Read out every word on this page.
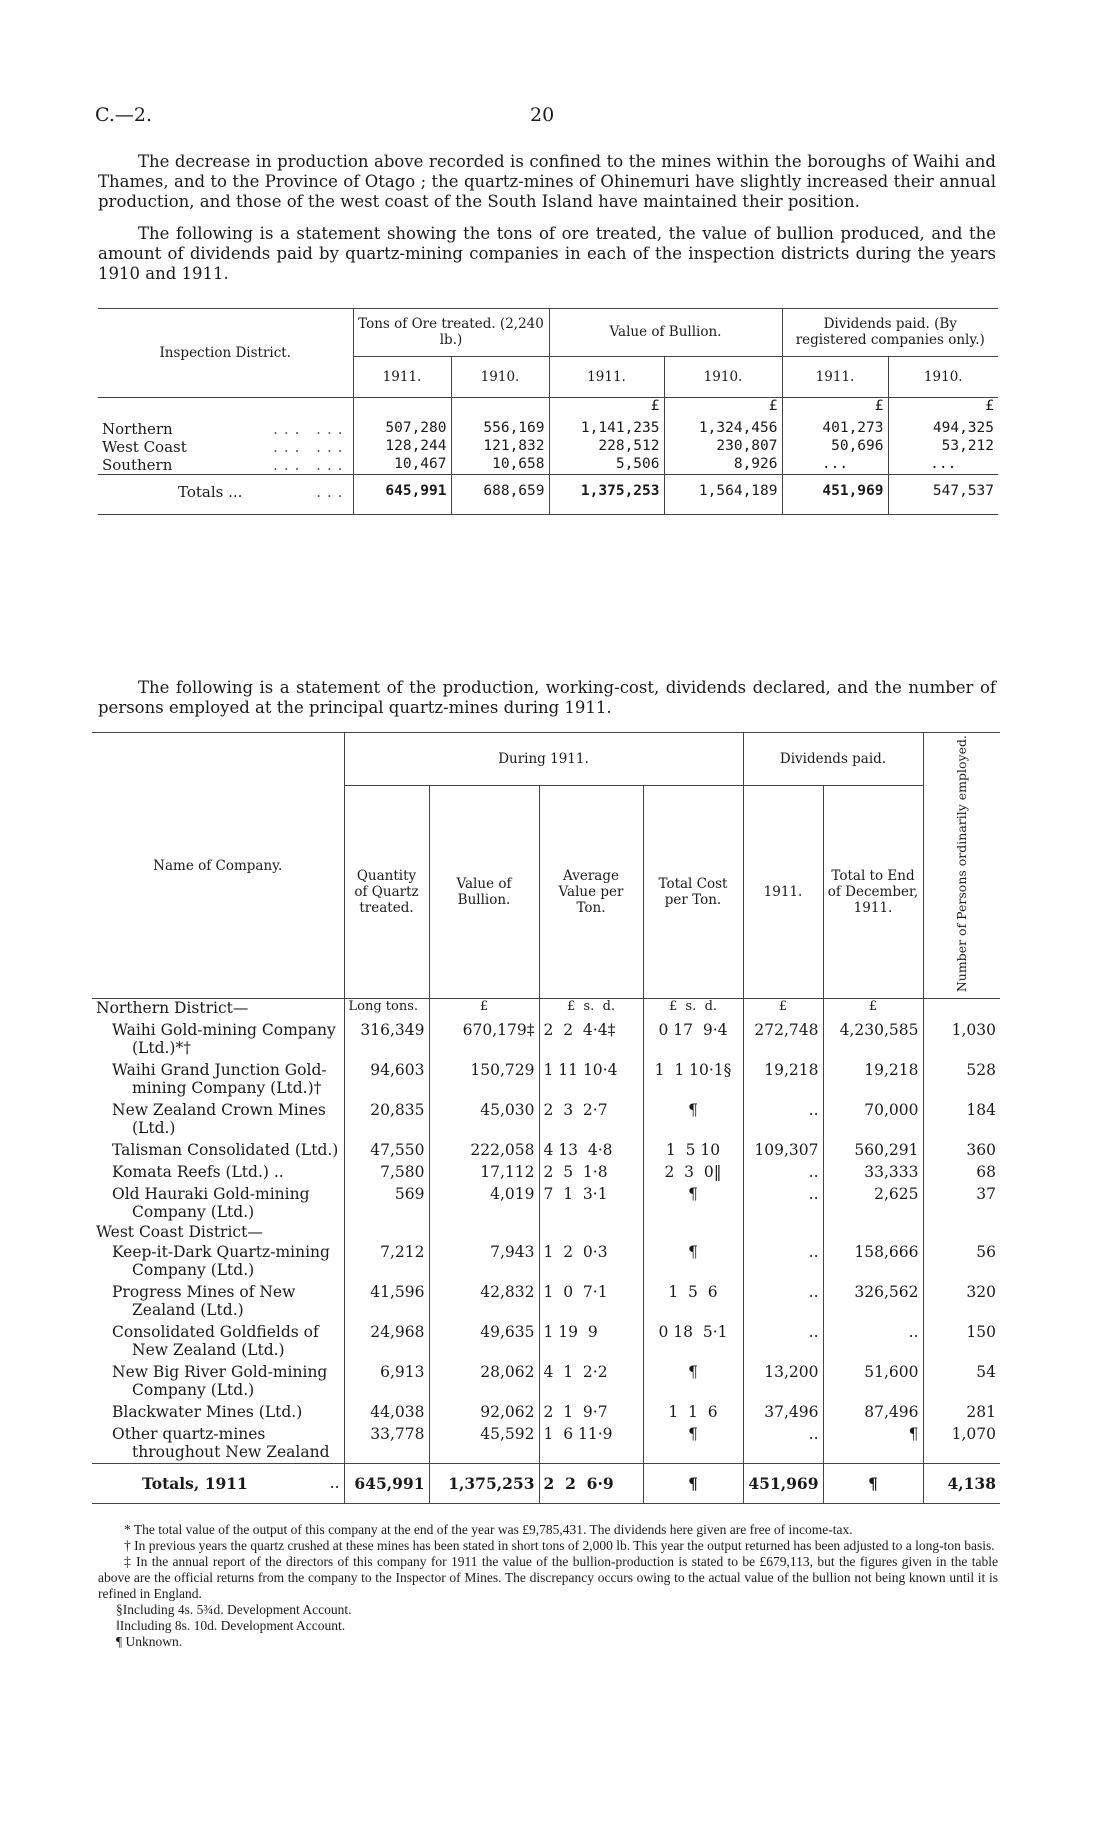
C.—2.	20

The decrease in production above recorded is confined to the mines within the boroughs of Waihi and Thames, and to the Province of Otago ; the quartz-mines of Ohinemuri have slightly increased their annual production, and those of the west coast of the South Island have maintained their position.

The following is a statement showing the tons of ore treated, the value of bullion produced, and the amount of dividends paid by quartz-mining companies in each of the inspection districts during the years 1910 and 1911.

Inspection District.	Tons of Ore treated. (2,240 lb.)		Value of Bullion.		Dividends paid. (By registered companies only.)	
	1911.	1910.	1911.	1910.	1911.	1910.
			£	£	£	£
Northern ... ...	507,280	556,169	1,141,235	1,324,456	401,273	494,325
West Coast ... ...	128,244	121,832	228,512	230,807	50,696	53,212
Southern ... ...	10,467	10,658	5,506	8,926	...	...
Totals ... ...	645,991	688,659	1,375,253	1,564,189	451,969	547,537

The following is a statement of the production, working-cost, dividends declared, and the number of persons employed at the principal quartz-mines during 1911.

Name of Company.	During 1911.				Dividends paid.		Number of Persons ordinarily employed.
	Quantity of Quartz treated.	Value of Bullion.	Average Value per Ton.	Total Cost per Ton.	1911.	Total to End of December, 1911.	
Northern District—	Long tons.	£	£  s.  d.	£  s.  d.	£	£	
Waihi Gold-mining Company (Ltd.)*†	316,349	670,179‡	2  2  4·4‡	0 17  9·4	272,748	4,230,585	1,030
Waihi Grand Junction Gold-mining Company (Ltd.)†	94,603	150,729	1 11 10·4	1  1 10·1§	19,218	19,218	528
New Zealand Crown Mines (Ltd.)	20,835	45,030	2  3  2·7	¶	..	70,000	184
Talisman Consolidated (Ltd.)	47,550	222,058	4 13  4·8	1  5 10	109,307	560,291	360
Komata Reefs (Ltd.) ..	7,580	17,112	2  5  1·8	2  3  0‖	..	33,333	68
Old Hauraki Gold-mining Company (Ltd.)	569	4,019	7  1  3·1	¶	..	2,625	37
West Coast District—							
Keep-it-Dark Quartz-mining Company (Ltd.)	7,212	7,943	1  2  0·3	¶	..	158,666	56
Progress Mines of New Zealand (Ltd.)	41,596	42,832	1  0  7·1	1  5  6	..	326,562	320
Consolidated Goldfields of New Zealand (Ltd.)	24,968	49,635	1 19  9	0 18  5·1	..	..	150
New Big River Gold-mining Company (Ltd.)	6,913	28,062	4  1  2·2	¶	13,200	51,600	54
Blackwater Mines (Ltd.)	44,038	92,062	2  1  9·7	1  1  6	37,496	87,496	281
Other quartz-mines throughout New Zealand	33,778	45,592	1  6 11·9	¶	..	¶	1,070
Totals, 1911 ..	645,991	1,375,253	2  2  6·9	¶	451,969	¶	4,138

* The total value of the output of this company at the end of the year was £9,785,431. The dividends here given are free of income-tax.

† In previous years the quartz crushed at these mines has been stated in short tons of 2,000 lb. This year the output returned has been adjusted to a long-ton basis.

‡ In the annual report of the directors of this company for 1911 the value of the bullion-production is stated to be £679,113, but the figures given in the table above are the official returns from the company to the Inspector of Mines. The discrepancy occurs owing to the actual value of the bullion not being known until it is refined in England.

§Including 4s. 5¾d. Development Account.

‖Including 8s. 10d. Development Account.

¶ Unknown.
